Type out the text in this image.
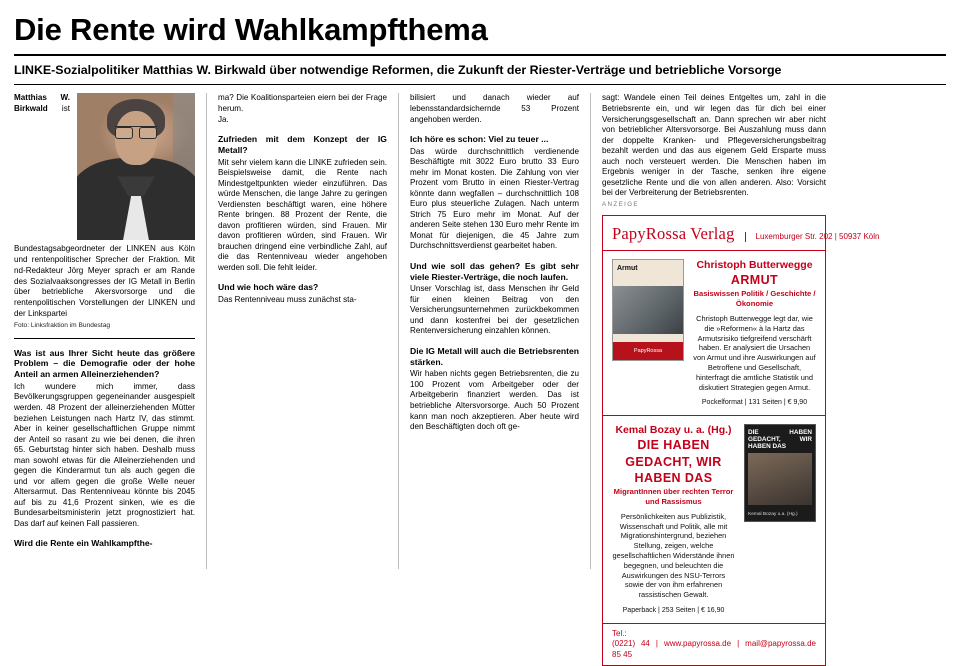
Die Rente wird Wahlkampfthema
LINKE-Sozialpolitiker Matthias W. Birkwald über notwendige Reformen, die Zukunft der Riester-Verträge und betriebliche Vorsorge
Matthias W. Birkwald ist Bundestagsabgeordneter der LINKEN aus Köln und rentenpolitischer Sprecher der Fraktion. Mit nd-Redakteur Jörg Meyer sprach er am Rande des Sozialvaaksongresses der IG Metall in Berlin über betriebliche Akersvorsorge und die rentenpolitischen Vorstellungen der LINKEN und der Linkspartei
Foto: Linksfraktion im Bundestag
Was ist aus Ihrer Sicht heute das größere Problem – die Demografie oder der hohe Anteil an armen Alleinerziehenden?

Ich wundere mich immer, dass Bevölkerungsgruppen gegeneinander ausgespielt werden. 48 Prozent der alleinerziehenden Mütter beziehen Leistungen nach Hartz IV, das stimmt. Aber in keiner gesellschaftlichen Gruppe nimmt der Anteil so rasant zu wie bei denen, die ihren 65. Geburtstag hinter sich haben. Deshalb muss man sowohl etwas für die Alleinerziehenden und gegen die Kinderarmut tun als auch gegen die und vor allem gegen die große Welle neuer Altersarmut. Das Rentenniveau könnte bis 2045 auf bis zu 41,6 Prozent sinken, wie es die Bundesarbeitsministerin jetzt prognostiziert hat. Das darf auf keinen Fall passieren.

Wird die Rente ein Wahlkampfthe-

ma? Die Koalitionsparteien eiern bei der Frage herum.

Ja.

Zufrieden mit dem Konzept der IG Metall?

Mit sehr vielem kann die LINKE zufrieden sein. Beispielsweise damit, die Rente nach Mindestgeltpunkten wieder einzuführen. Das würde Menschen, die lange Jahre zu geringen Verdiensten beschäftigt waren, eine höhere Rente bringen. 88 Prozent der Rente, die davon profitieren würden, sind Frauen. Mir davon profitieren würden, sind Frauen. Wir brauchen dringend eine verbindliche Zahl, auf die das Rentenniveau wieder angehoben werden soll. Die fehlt leider.

Und wie hoch wäre das?

Das Rentenniveau muss zunächst sta-

bilisiert und danach wieder auf lebensstandardsichernde 53 Prozent angehoben werden.

Ich höre es schon: Viel zu teuer ...

Das würde durchschnittlich verdienende Beschäftigte mit 3022 Euro brutto 33 Euro mehr im Monat kosten. Die Zahlung von vier Prozent vom Brutto in einen Riester-Vertrag könnte dann wegfallen – durchschnittlich 108 Euro plus steuerliche Zulagen. Nach unterm Strich 75 Euro mehr im Monat. Auf der anderen Seite stehen 130 Euro mehr Rente im Monat für diejenigen, die 45 Jahre zum Durchschnittsverdienst gearbeitet haben.

Und wie soll das gehen? Es gibt sehr viele Riester-Verträge, die noch laufen.

Unser Vorschlag ist, dass Menschen ihr Geld für einen kleinen Beitrag von den Versicherungsunternehmen zurückbekommen und dann kostenfrei bei der gesetzlichen Rentenversicherung einzahlen können.

Die IG Metall will auch die Betriebsrenten stärken.

Wir haben nichts gegen Betriebsrenten, die zu 100 Prozent vom Arbeitgeber oder der Arbeitgeberin finanziert werden. Das ist betriebliche Altersvorsorge. Auch 50 Prozent kann man noch akzeptieren. Aber heute wird den Beschäftigten doch oft ge-

sagt: Wandele einen Teil deines Entgeltes um, zahl in die Betriebsrente ein, und wir legen das für dich bei einer Versicherungsgesellschaft an. Dann sprechen wir aber nicht von betrieblicher Altersvorsorge. Bei Auszahlung muss dann der doppelte Kranken- und Pflegeversicherungsbeitrag bezahlt werden und das aus eigenem Geld Ersparte muss auch noch versteuert werden. Die Menschen haben im Ergebnis weniger in der Tasche, senken ihre eigene gesetzliche Rente und die von allen anderen. Also: Vorsicht bei der Verbreiterung der Betriebsrenten.

ANZEIGE
PapyRossa Verlag	Luxemburger Str. 202 | 50937 Köln
Armut
PapyRossa
Christoph Butterwegge
ARMUT
Basiswissen Politik / Geschichte / Ökonomie
Christoph Butterwegge legt dar, wie die »Reformen« à la Hartz das Armutsrisiko tiefgreifend verschärft haben. Er analysiert die Ursachen von Armut und ihre Auswirkungen auf Betroffene und Gesellschaft, hinterfragt die amtliche Statistik und diskutiert Strategien gegen Armut.
Pockelformat | 131 Seiten | € 9,90
DIE HABEN GEDACHT, WIR HABEN DAS
Kemal Bozay u.a. (Hg.)
Kemal Bozay u. a. (Hg.)
DIE HABEN GEDACHT, WIR HABEN DAS
MigrantInnen über rechten Terror und Rassismus
Persönlichkeiten aus Publizistik, Wissenschaft und Politik, alle mit Migrationshintergrund, beziehen Stellung, zeigen, welche gesellschaftlichen Widerstände ihnen begegnen, und beleuchten die Auswirkungen des NSU-Terrors sowie der von ihm erfahrenen rassistischen Gewalt.
Paperback | 253 Seiten | € 16,90
Tel.: (0221) 44 85 45
| www.papyrossa.de | mail@papyrossa.de
